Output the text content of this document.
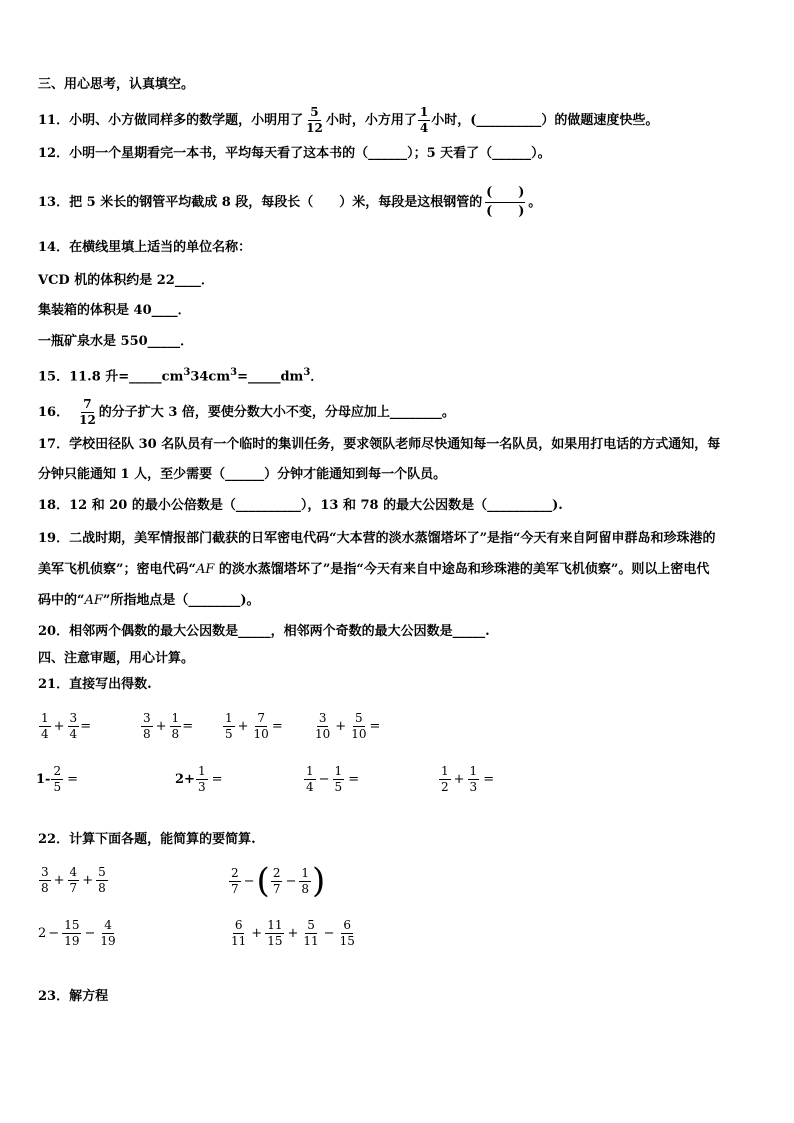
三、用心思考，认真填空。
11．小明、小方做同样多的数学题，小明用了 $\frac{5}{12}$ 小时，小方用了 $\frac{1}{4}$ 小时，(__________）的做题速度快些。
12．小明一个星期看完一本书，平均每天看了这本书的（______）；5 天看了（______）。
13．把 5 米长的钢管平均截成 8 段，每段长（　　）米，每段是这根钢管的
(　　)
(　　)
。
14．在横线里填上适当的单位名称：
VCD 机的体积约是 22____．
集装箱的体积是 40____．
一瓶矿泉水是 550_____．
15．11.8 升$=\_\_\_\_\_cm^334cm^3=\_\_\_\_\_dm^3$．
16． $\frac{7}{12}$ 的分子扩大 3 倍，要使分数大小不变，分母应加上________。
17．学校田径队 30 名队员有一个临时的集训任务，要求领队老师尽快通知每一名队员，如果用打电话的方式通知，每
分钟只能通知 1 人，至少需要（______）分钟才能通知到每一个队员。
18．12 和 20 的最小公倍数是（__________），13 和 78 的最大公因数是（__________).
19．二战时期，美军情报部门截获的日军密电代码“大本营的淡水蒸馏塔坏了”是指“今天有来自阿留申群岛和珍珠港的
美军飞机侦察”；密电代码“AF 的淡水蒸馏塔坏了”是指“今天有来自中途岛和珍珠港的美军飞机侦察”。则以上密电代
码中的“AF”所指地点是（________)。
20．相邻两个偶数的最大公因数是_____，相邻两个奇数的最大公因数是_____.
四、注意审题，用心计算。
21．直接写出得数.
$\frac{1}{4} + \frac{3}{4}$ =	$\frac{3}{8} + \frac{1}{8} = \frac{1}{5} + \frac{7}{10}$ =	$\frac{3}{10} + \frac{5}{10}$ =
$1- \frac{2}{5}$ =	$2+ \frac{1}{3}$ =	$\frac{1}{4} - \frac{1}{5}$ =	$\frac{1}{2} + \frac{1}{3}$ =
22．计算下面各题，能简算的要简算.
$\frac{3}{8} + \frac{4}{7} + \frac{5}{8}$	$\frac{2}{7}$ − ( $\frac{2}{7} - \frac{1}{8}$ )
$2 - \frac{15}{19} - \frac{4}{19}$	$\frac{6}{11} + \frac{11}{15} + \frac{5}{11} - \frac{6}{15}$
23．解方程
